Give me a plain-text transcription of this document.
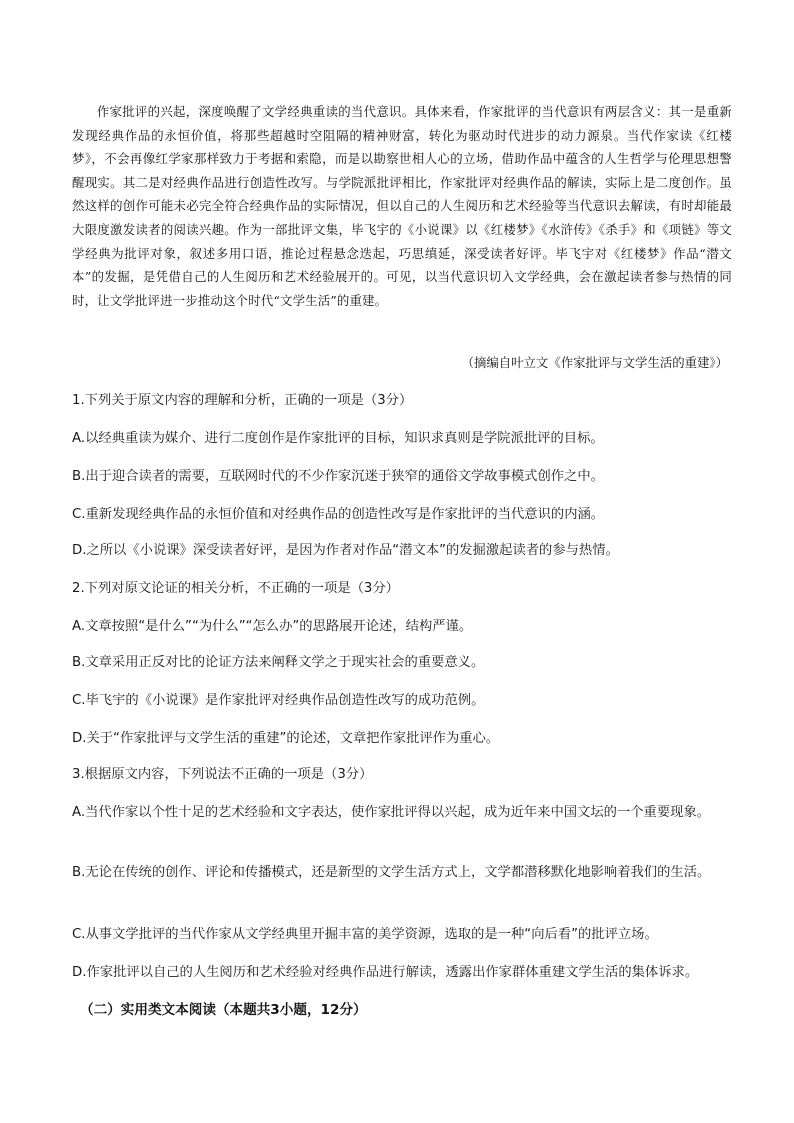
作家批评的兴起，深度唤醒了文学经典重读的当代意识。具体来看，作家批评的当代意识有两层含义：其一是重新发现经典作品的永恒价值，将那些超越时空阻隔的精神财富，转化为驱动时代进步的动力源泉。当代作家读《红楼梦》，不会再像红学家那样致力于考据和索隐，而是以勘察世相人心的立场，借助作品中蕴含的人生哲学与伦理思想警醒现实。其二是对经典作品进行创造性改写。与学院派批评相比，作家批评对经典作品的解读，实际上是二度创作。虽然这样的创作可能未必完全符合经典作品的实际情况，但以自己的人生阅历和艺术经验等当代意识去解读，有时却能最大限度激发读者的阅读兴趣。作为一部批评文集，毕飞宇的《小说课》以《红楼梦》《水浒传》《杀手》和《项链》等文学经典为批评对象，叙述多用口语，推论过程悬念迭起，巧思缜延，深受读者好评。毕飞宇对《红楼梦》作品“潜文本”的发掘，是凭借自己的人生阅历和艺术经验展开的。可见，以当代意识切入文学经典，会在激起读者参与热情的同时，让文学批评进一步推动这个时代“文学生活”的重建。

（摘编自叶立文《作家批评与文学生活的重建》）
1.下列关于原文内容的理解和分析，正确的一项是（3分）
A.以经典重读为媒介、进行二度创作是作家批评的目标，知识求真则是学院派批评的目标。
B.出于迎合读者的需要，互联网时代的不少作家沉迷于狭窄的通俗文学故事模式创作之中。
C.重新发现经典作品的永恒价值和对经典作品的创造性改写是作家批评的当代意识的内涵。
D.之所以《小说课》深受读者好评，是因为作者对作品“潜文本”的发掘激起读者的参与热情。
2.下列对原文论证的相关分析，不正确的一项是（3分）
A.文章按照“是什么”“为什么”“怎么办”的思路展开论述，结构严谨。
B.文章采用正反对比的论证方法来阐释文学之于现实社会的重要意义。
C.毕飞宇的《小说课》是作家批评对经典作品创造性改写的成功范例。
D.关于“作家批评与文学生活的重建”的论述，文章把作家批评作为重心。
3.根据原文内容，下列说法不正确的一项是（3分）
A.当代作家以个性十足的艺术经验和文字表达，使作家批评得以兴起，成为近年来中国文坛的一个重要现象。
B.无论在传统的创作、评论和传播模式，还是新型的文学生活方式上，文学都潜移默化地影响着我们的生活。
C.从事文学批评的当代作家从文学经典里开掘丰富的美学资源，选取的是一种“向后看”的批评立场。
D.作家批评以自己的人生阅历和艺术经验对经典作品进行解读，透露出作家群体重建文学生活的集体诉求。
（二）实用类文本阅读（本题共3小题，12分）
